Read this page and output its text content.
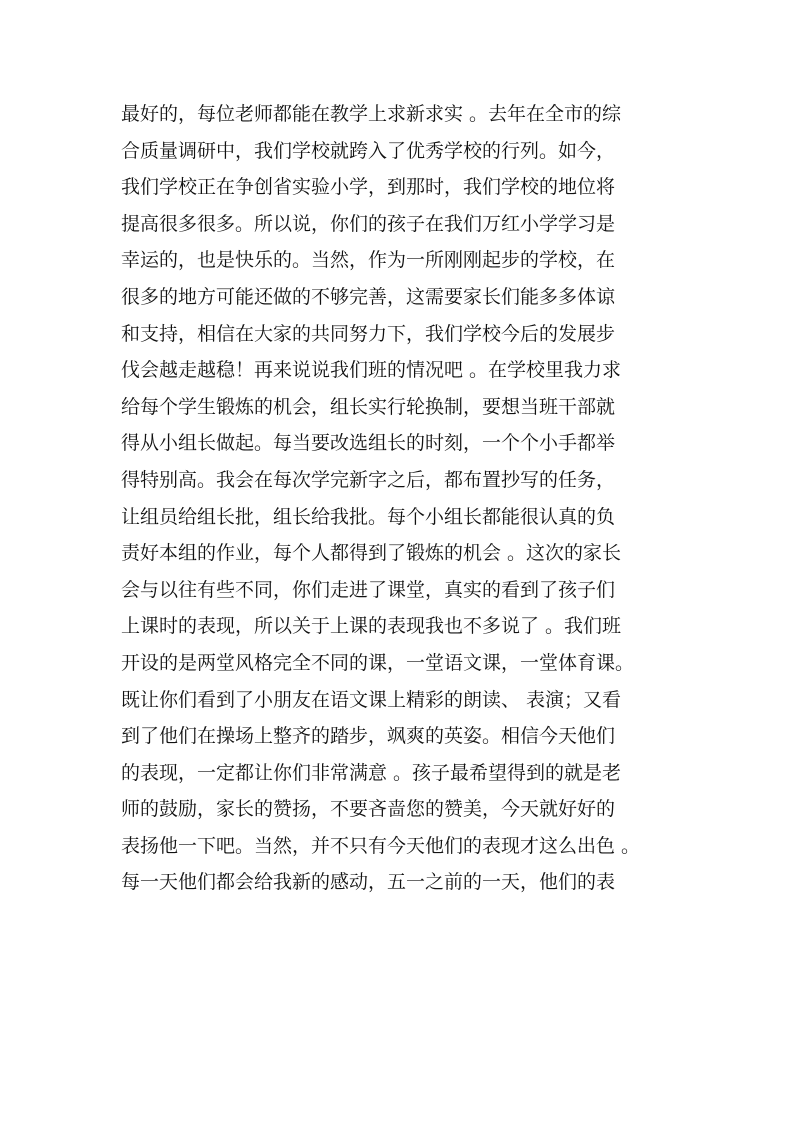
最好的，每位老师都能在教学上求新求实 。去年在全市的综
合质量调研中，我们学校就跨入了优秀学校的行列。如今，
我们学校正在争创省实验小学，到那时，我们学校的地位将
提高很多很多。所以说，你们的孩子在我们万红小学学习是
幸运的，也是快乐的。当然，作为一所刚刚起步的学校，在
很多的地方可能还做的不够完善，这需要家长们能多多体谅
和支持，相信在大家的共同努力下，我们学校今后的发展步
伐会越走越稳！再来说说我们班的情况吧 。在学校里我力求
给每个学生锻炼的机会，组长实行轮换制，要想当班干部就
得从小组长做起。每当要改选组长的时刻，一个个小手都举
得特别高。我会在每次学完新字之后，都布置抄写的任务，
让组员给组长批，组长给我批。每个小组长都能很认真的负
责好本组的作业，每个人都得到了锻炼的机会 。这次的家长
会与以往有些不同，你们走进了课堂，真实的看到了孩子们
上课时的表现，所以关于上课的表现我也不多说了 。我们班
开设的是两堂风格完全不同的课，一堂语文课，一堂体育课。
既让你们看到了小朋友在语文课上精彩的朗读、 表演；又看
到了他们在操场上整齐的踏步，飒爽的英姿。相信今天他们
的表现，一定都让你们非常满意 。孩子最希望得到的就是老
师的鼓励，家长的赞扬，不要吝啬您的赞美，今天就好好的
表扬他一下吧。当然，并不只有今天他们的表现才这么出色 。
每一天他们都会给我新的感动，五一之前的一天，他们的表
